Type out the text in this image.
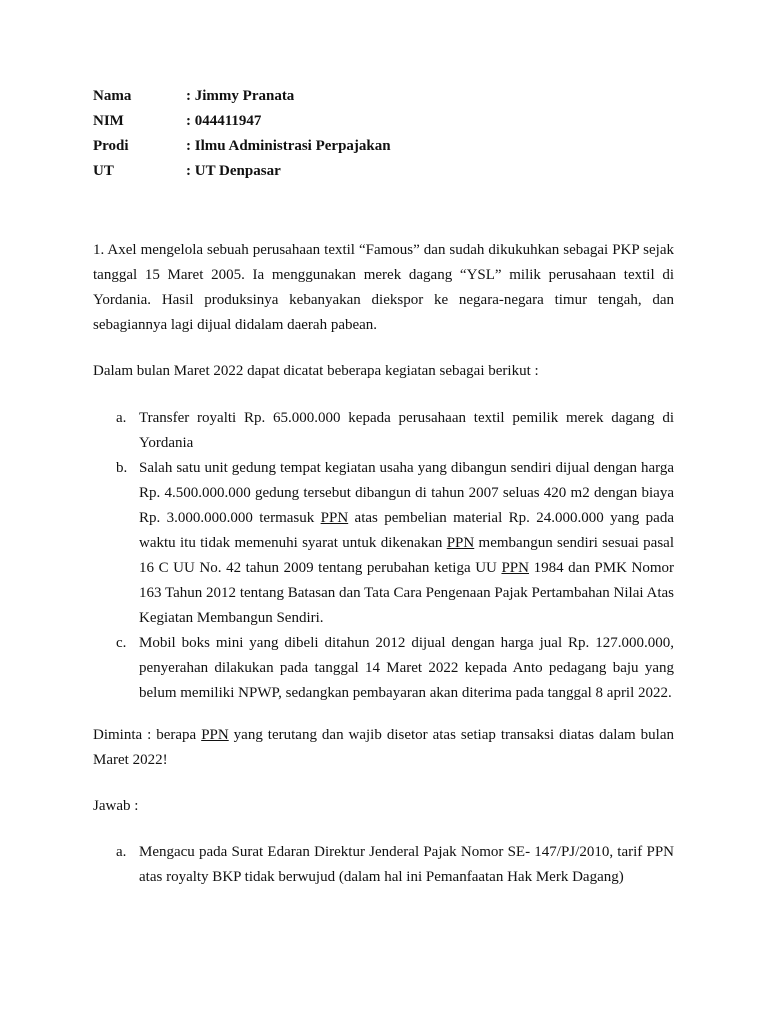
Nama	: Jimmy Pranata
NIM	: 044411947
Prodi	: Ilmu Administrasi Perpajakan
UT	: UT Denpasar

1. Axel mengelola sebuah perusahaan textil “Famous” dan sudah dikukuhkan sebagai PKP sejak tanggal 15 Maret 2005. Ia menggunakan merek dagang “YSL” milik perusahaan textil di Yordania. Hasil produksinya kebanyakan diekspor ke negara-negara timur tengah, dan sebagiannya lagi dijual didalam daerah pabean.

Dalam bulan Maret 2022 dapat dicatat beberapa kegiatan sebagai berikut :

a. Transfer royalti Rp. 65.000.000 kepada perusahaan textil pemilik merek dagang di Yordania
b. Salah satu unit gedung tempat kegiatan usaha yang dibangun sendiri dijual dengan harga Rp. 4.500.000.000 gedung tersebut dibangun di tahun 2007 seluas 420 m2 dengan biaya Rp. 3.000.000.000 termasuk PPN atas pembelian material Rp. 24.000.000 yang pada waktu itu tidak memenuhi syarat untuk dikenakan PPN membangun sendiri sesuai pasal 16 C UU No. 42 tahun 2009 tentang perubahan ketiga UU PPN 1984 dan PMK Nomor 163 Tahun 2012 tentang Batasan dan Tata Cara Pengenaan Pajak Pertambahan Nilai Atas Kegiatan Membangun Sendiri.
c. Mobil boks mini yang dibeli ditahun 2012 dijual dengan harga jual Rp. 127.000.000, penyerahan dilakukan pada tanggal 14 Maret 2022 kepada Anto pedagang baju yang belum memiliki NPWP, sedangkan pembayaran akan diterima pada tanggal 8 april 2022.

Diminta : berapa PPN yang terutang dan wajib disetor atas setiap transaksi diatas dalam bulan Maret 2022!

Jawab :

a. Mengacu pada Surat Edaran Direktur Jenderal Pajak Nomor SE- 147/PJ/2010, tarif PPN atas royalty BKP tidak berwujud (dalam hal ini Pemanfaatan Hak Merk Dagang)
